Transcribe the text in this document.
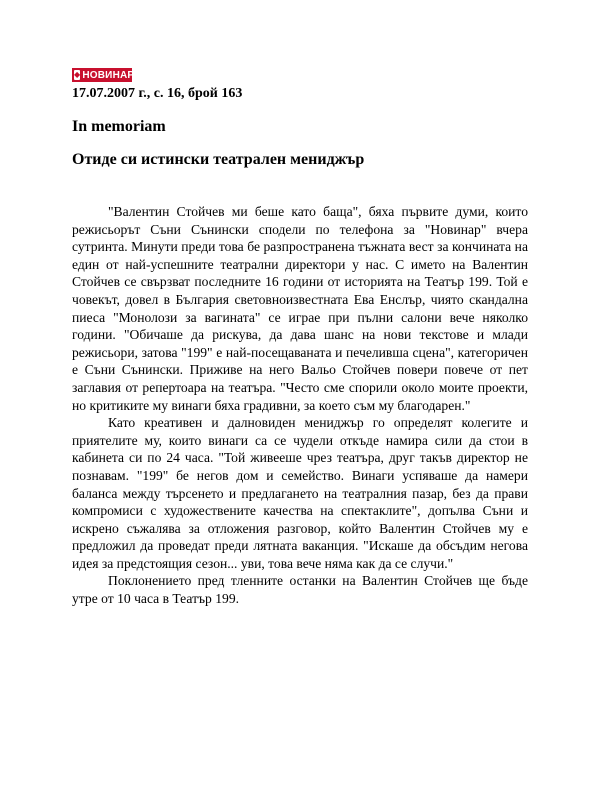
◆ НОВИНАР
17.07.2007 г., с. 16, брой 163
In memoriam
Отиде си истински театрален мениджър

"Валентин Стойчев ми беше като баща", бяха първите думи, които режисьорът Съни Сънински сподели по телефона за "Новинар" вчера сутринта. Минути преди това бе разпространена тъжната вест за кончината на един от най-успешните театрални директори у нас. С името на Валентин Стойчев се свързват последните 16 години от историята на Театър 199. Той е човекът, довел в България световноизвестната Ева Енслър, чиято скандална пиеса "Монолози за вагината" се играе при пълни салони вече няколко години. "Обичаше да рискува, да дава шанс на нови текстове и млади режисьори, затова "199" е най-посещаваната и печеливша сцена", категоричен е Съни Сънински. Приживе на него Вальо Стойчев повери повече от пет заглавия от репертоара на театъра. "Често сме спорили около моите проекти, но критиките му винаги бяха градивни, за което съм му благодарен."

Като креативен и далновиден мениджър го определят колегите и приятелите му, които винаги са се чудели откъде намира сили да стои в кабинета си по 24 часа. "Той живееше чрез театъра, друг такъв директор не познавам. "199" бе негов дом и семейство. Винаги успяваше да намери баланса между търсенето и предлагането на театралния пазар, без да прави компромиси с художествените качества на спектаклите", допълва Съни и искрено съжалява за отложения разговор, който Валентин Стойчев му е предложил да проведат преди лятната ваканция. "Искаше да обсъдим негова идея за предстоящия сезон... уви, това вече няма как да се случи."

Поклонението пред тленните останки на Валентин Стойчев ще бъде утре от 10 часа в Театър 199.
